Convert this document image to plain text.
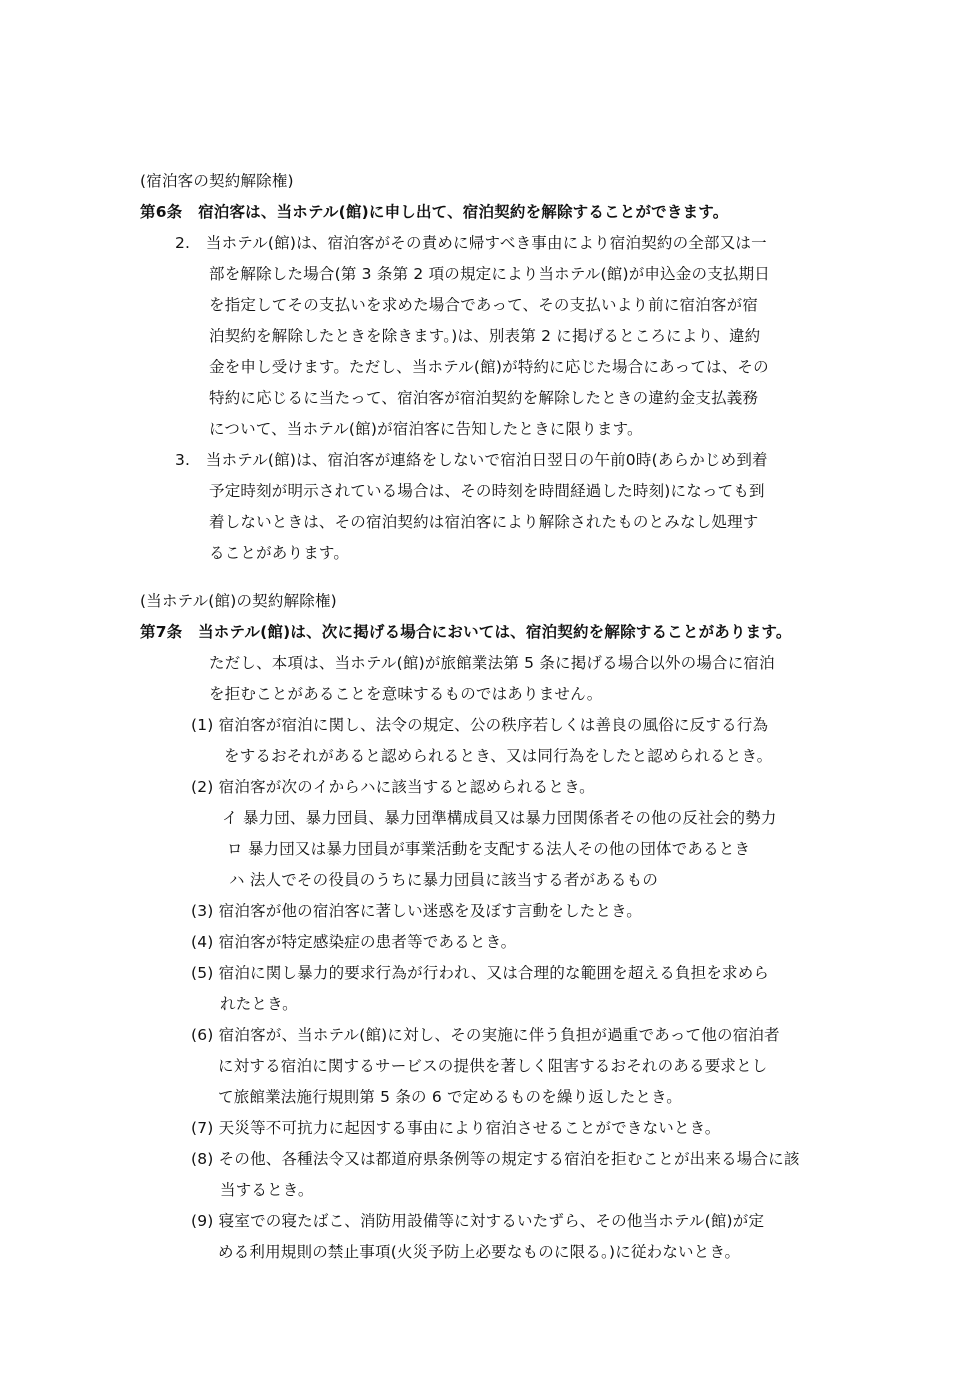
(宿泊客の契約解除権)
第6条　宿泊客は、当ホテル(館)に申し出て、宿泊契約を解除することができます。
2.　当ホテル(館)は、宿泊客がその責めに帰すべき事由により宿泊契約の全部又は一
部を解除した場合(第 3 条第 2 項の規定により当ホテル(館)が申込金の支払期日
を指定してその支払いを求めた場合であって、その支払いより前に宿泊客が宿
泊契約を解除したときを除きます。)は、別表第 2 に掲げるところにより、違約
金を申し受けます。ただし、当ホテル(館)が特約に応じた場合にあっては、その
特約に応じるに当たって、宿泊客が宿泊契約を解除したときの違約金支払義務
について、当ホテル(館)が宿泊客に告知したときに限ります。
3.　当ホテル(館)は、宿泊客が連絡をしないで宿泊日翌日の午前0時(あらかじめ到着
予定時刻が明示されている場合は、その時刻を時間経過した時刻)になっても到
着しないときは、その宿泊契約は宿泊客により解除されたものとみなし処理す
ることがあります。
(当ホテル(館)の契約解除権)
第7条　当ホテル(館)は、次に掲げる場合においては、宿泊契約を解除することがあります。
ただし、本項は、当ホテル(館)が旅館業法第 5 条に掲げる場合以外の場合に宿泊
を拒むことがあることを意味するものではありません。
(1) 宿泊客が宿泊に関し、法令の規定、公の秩序若しくは善良の風俗に反する行為
をするおそれがあると認められるとき、又は同行為をしたと認められるとき。
(2) 宿泊客が次のイからハに該当すると認められるとき。
イ 暴力団、暴力団員、暴力団準構成員又は暴力団関係者その他の反社会的勢力
ロ 暴力団又は暴力団員が事業活動を支配する法人その他の団体であるとき
ハ 法人でその役員のうちに暴力団員に該当する者があるもの
(3) 宿泊客が他の宿泊客に著しい迷惑を及ぼす言動をしたとき。
(4) 宿泊客が特定感染症の患者等であるとき。
(5) 宿泊に関し暴力的要求行為が行われ、又は合理的な範囲を超える負担を求めら
れたとき。
(6) 宿泊客が、当ホテル(館)に対し、その実施に伴う負担が過重であって他の宿泊者
に対する宿泊に関するサービスの提供を著しく阻害するおそれのある要求とし
て旅館業法施行規則第 5 条の 6 で定めるものを繰り返したとき。
(7) 天災等不可抗力に起因する事由により宿泊させることができないとき。
(8) その他、各種法令又は都道府県条例等の規定する宿泊を拒むことが出来る場合に該
当するとき。
(9) 寝室での寝たばこ、消防用設備等に対するいたずら、その他当ホテル(館)が定
める利用規則の禁止事項(火災予防上必要なものに限る。)に従わないとき。
